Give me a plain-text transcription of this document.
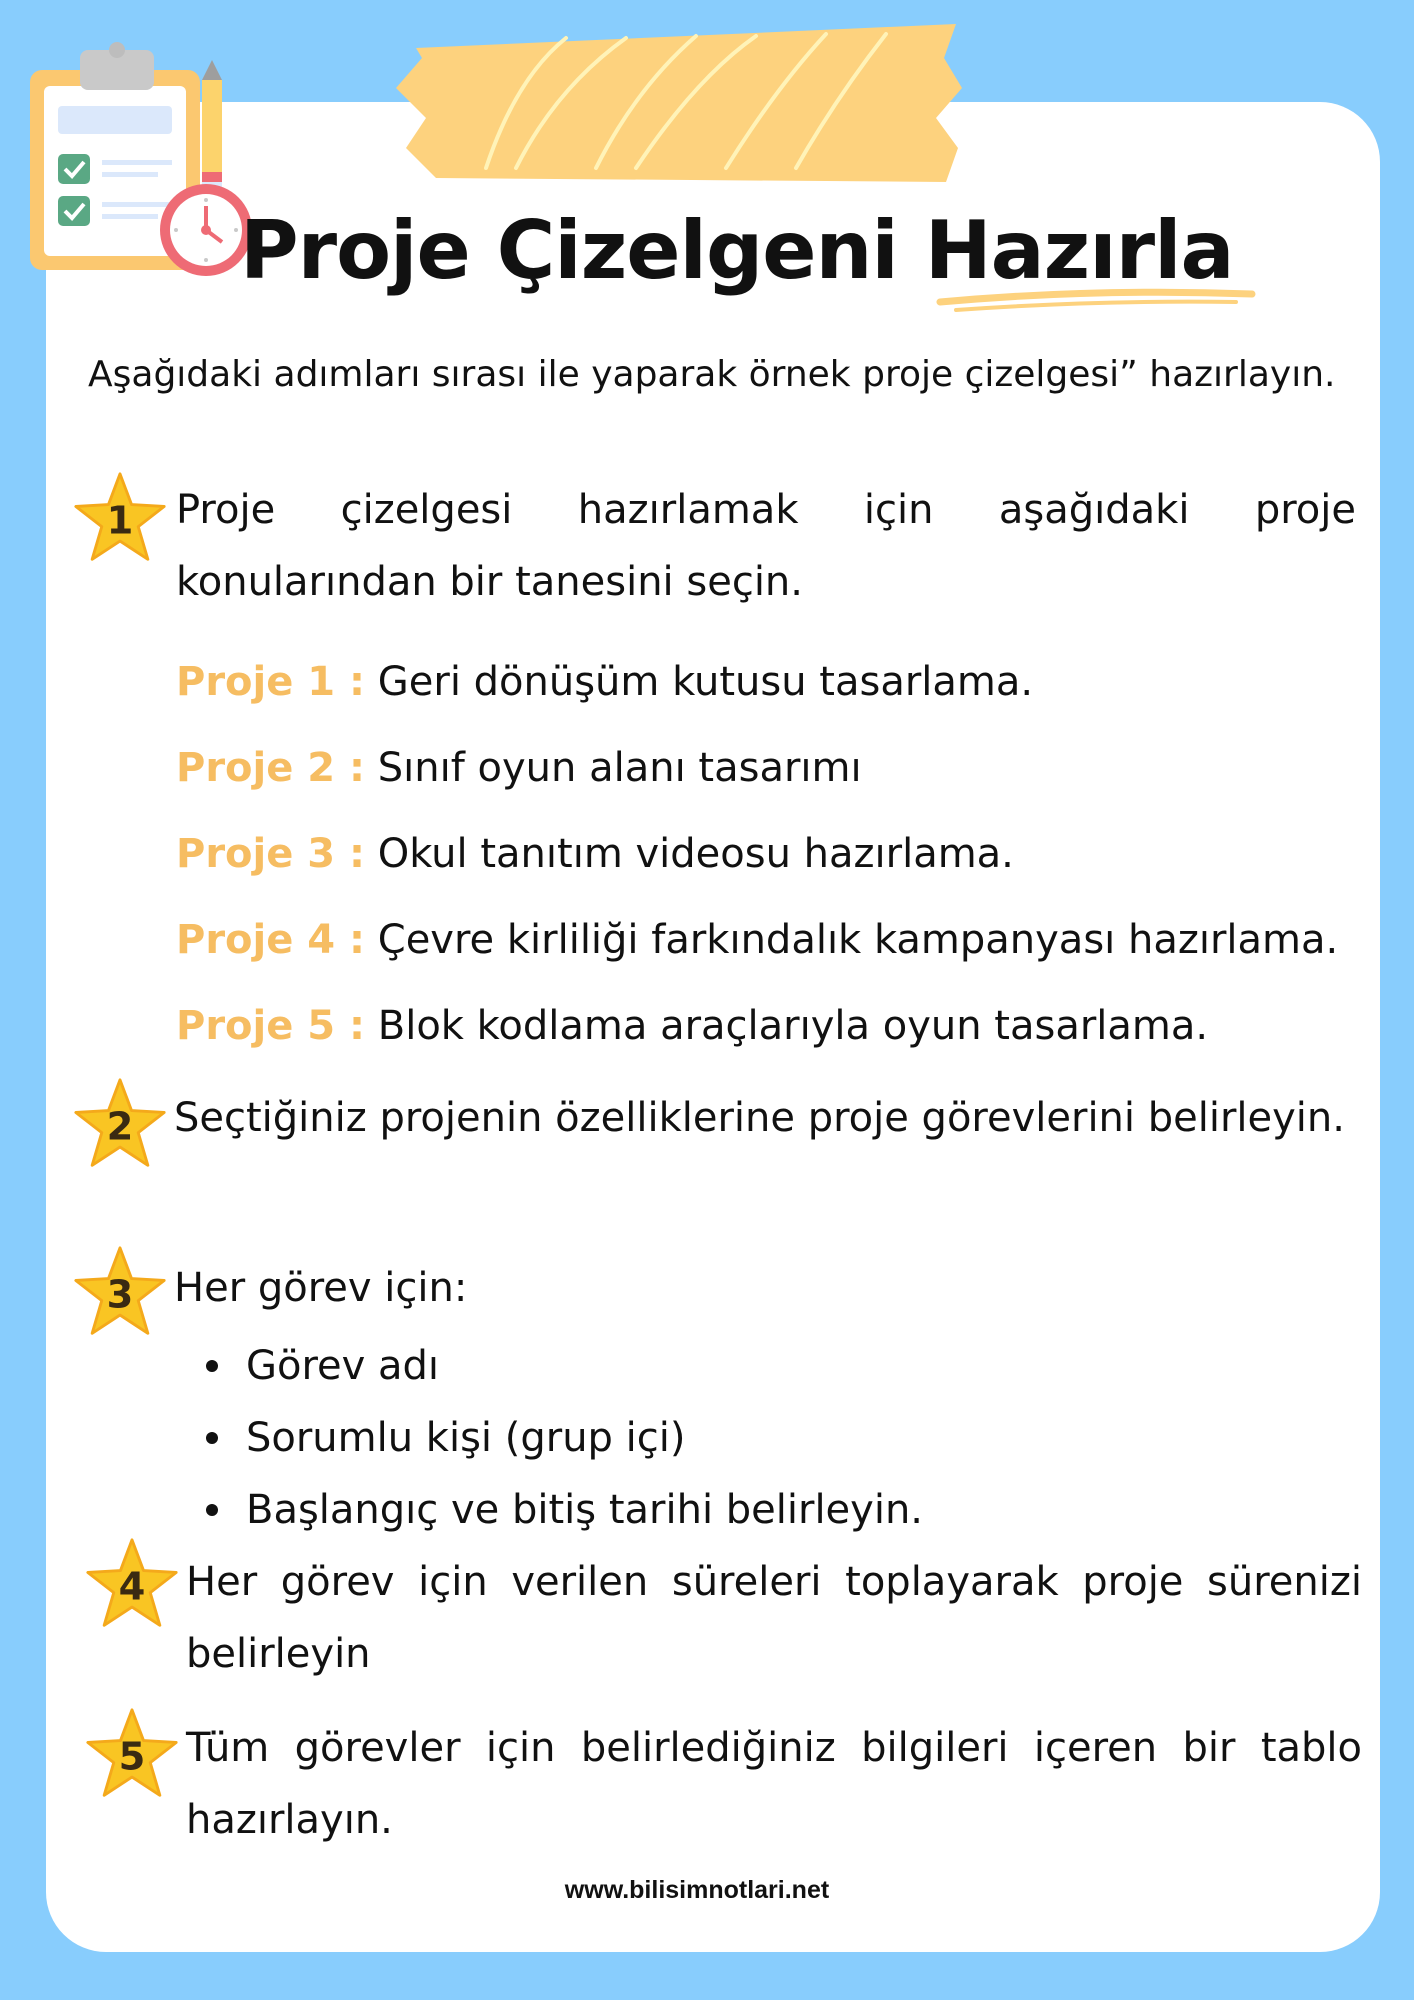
Proje Çizelgeni Hazırla

Aşağıdaki adımları sırası ile yaparak örnek proje çizelgesi” hazırlayın.

1 Proje çizelgesi hazırlamak için aşağıdaki proje konularından bir tanesini seçin.

Proje 1 : Geri dönüşüm kutusu tasarlama.

Proje 2 : Sınıf oyun alanı tasarımı

Proje 3 : Okul tanıtım videosu hazırlama.

Proje 4 : Çevre kirliliği farkındalık kampanyası hazırlama.

Proje 5 : Blok kodlama araçlarıyla oyun tasarlama.

2 Seçtiğiniz projenin özelliklerine proje görevlerini belirleyin.

3 Her görev için:

Görev adı
Sorumlu kişi (grup içi)
Başlangıç ve bitiş tarihi belirleyin.
4 Her görev için verilen süreleri toplayarak proje sürenizi belirleyin

5 Tüm görevler için belirlediğiniz bilgileri içeren bir tablo hazırlayın.

www.bilisimnotlari.net
